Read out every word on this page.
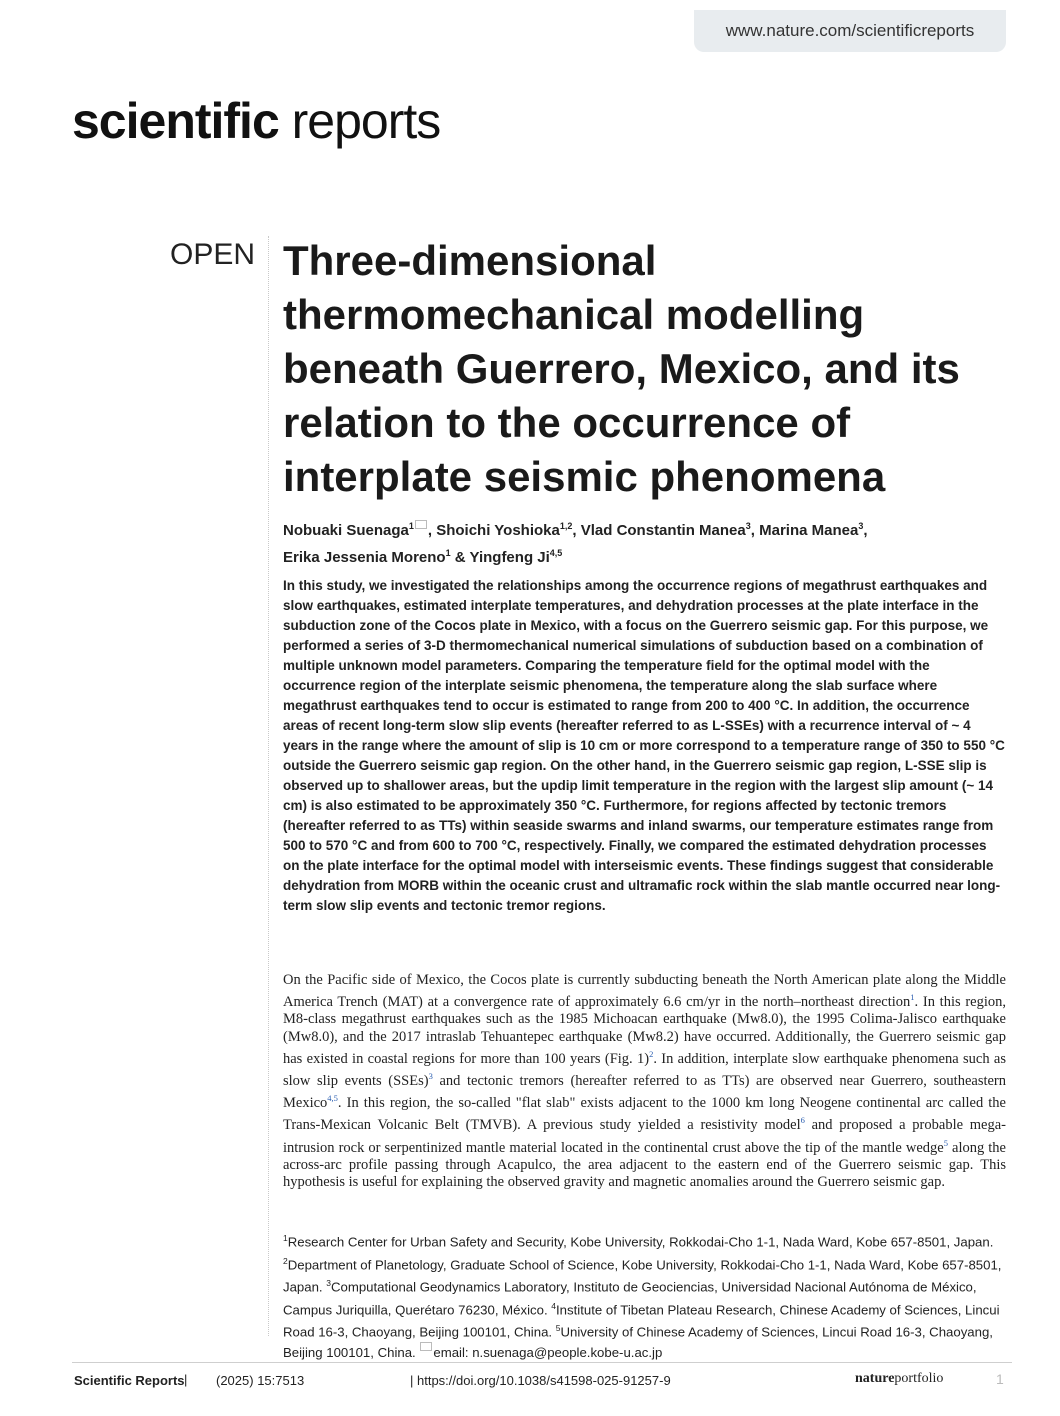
www.nature.com/scientificreports
scientific reports
OPEN Three-dimensional thermomechanical modelling beneath Guerrero, Mexico, and its relation to the occurrence of interplate seismic phenomena
Nobuaki Suenaga$^1$ , Shoichi Yoshioka$^{1,2}$, Vlad Constantin Manea$^3$, Marina Manea$^3$,
Erika Jessenia Moreno$^1$ & Yingfeng Ji$^{4,5}$
In this study, we investigated the relationships among the occurrence regions of megathrust earthquakes and slow earthquakes, estimated interplate temperatures, and dehydration processes at the plate interface in the subduction zone of the Cocos plate in Mexico, with a focus on the Guerrero seismic gap. For this purpose, we performed a series of 3-D thermomechanical numerical simulations of subduction based on a combination of multiple unknown model parameters. Comparing the temperature field for the optimal model with the occurrence region of the interplate seismic phenomena, the temperature along the slab surface where megathrust earthquakes tend to occur is estimated to range from 200 to 400 °C. In addition, the occurrence areas of recent long-term slow slip events (hereafter referred to as L-SSEs) with a recurrence interval of ~ 4 years in the range where the amount of slip is 10 cm or more correspond to a temperature range of 350 to 550 °C outside the Guerrero seismic gap region. On the other hand, in the Guerrero seismic gap region, L-SSE slip is observed up to shallower areas, but the updip limit temperature in the region with the largest slip amount (~ 14 cm) is also estimated to be approximately 350 °C. Furthermore, for regions affected by tectonic tremors (hereafter referred to as TTs) within seaside swarms and inland swarms, our temperature estimates range from 500 to 570 °C and from 600 to 700 °C, respectively. Finally, we compared the estimated dehydration processes on the plate interface for the optimal model with interseismic events. These findings suggest that considerable dehydration from MORB within the oceanic crust and ultramafic rock within the slab mantle occurred near long-term slow slip events and tectonic tremor regions.
On the Pacific side of Mexico, the Cocos plate is currently subducting beneath the North American plate along the Middle America Trench (MAT) at a convergence rate of approximately 6.6 cm/yr in the north–northeast direction$^1$. In this region, M8-class megathrust earthquakes such as the 1985 Michoacan earthquake (Mw8.0), the 1995 Colima-Jalisco earthquake (Mw8.0), and the 2017 intraslab Tehuantepec earthquake (Mw8.2) have occurred. Additionally, the Guerrero seismic gap has existed in coastal regions for more than 100 years (Fig. 1)$^2$. In addition, interplate slow earthquake phenomena such as slow slip events (SSEs)$^3$ and tectonic tremors (hereafter referred to as TTs) are observed near Guerrero, southeastern Mexico$^{4,5}$. In this region, the so-called "flat slab" exists adjacent to the 1000 km long Neogene continental arc called the Trans-Mexican Volcanic Belt (TMVB). A previous study yielded a resistivity model$^6$ and proposed a probable mega-intrusion rock or serpentinized mantle material located in the continental crust above the tip of the mantle wedge$^5$ along the across-arc profile passing through Acapulco, the area adjacent to the eastern end of the Guerrero seismic gap. This hypothesis is useful for explaining the observed gravity and magnetic anomalies around the Guerrero seismic gap.
$^1$Research Center for Urban Safety and Security, Kobe University, Rokkodai-Cho 1-1, Nada Ward, Kobe 657-8501, Japan. $^2$Department of Planetology, Graduate School of Science, Kobe University, Rokkodai-Cho 1-1, Nada Ward, Kobe 657-8501, Japan. $^3$Computational Geodynamics Laboratory, Instituto de Geociencias, Universidad Nacional Autónoma de México, Campus Juriquilla, Querétaro 76230, México. $^4$Institute of Tibetan Plateau Research, Chinese Academy of Sciences, Lincui Road 16-3, Chaoyang, Beijing 100101, China. $^5$University of Chinese Academy of Sciences, Lincui Road 16-3, Chaoyang, Beijing 100101, China. email: n.suenaga@people.kobe-u.ac.jp
Scientific Reports | (2025) 15:7513	| https://doi.org/10.1038/s41598-025-91257-9	natureportfolio	1
